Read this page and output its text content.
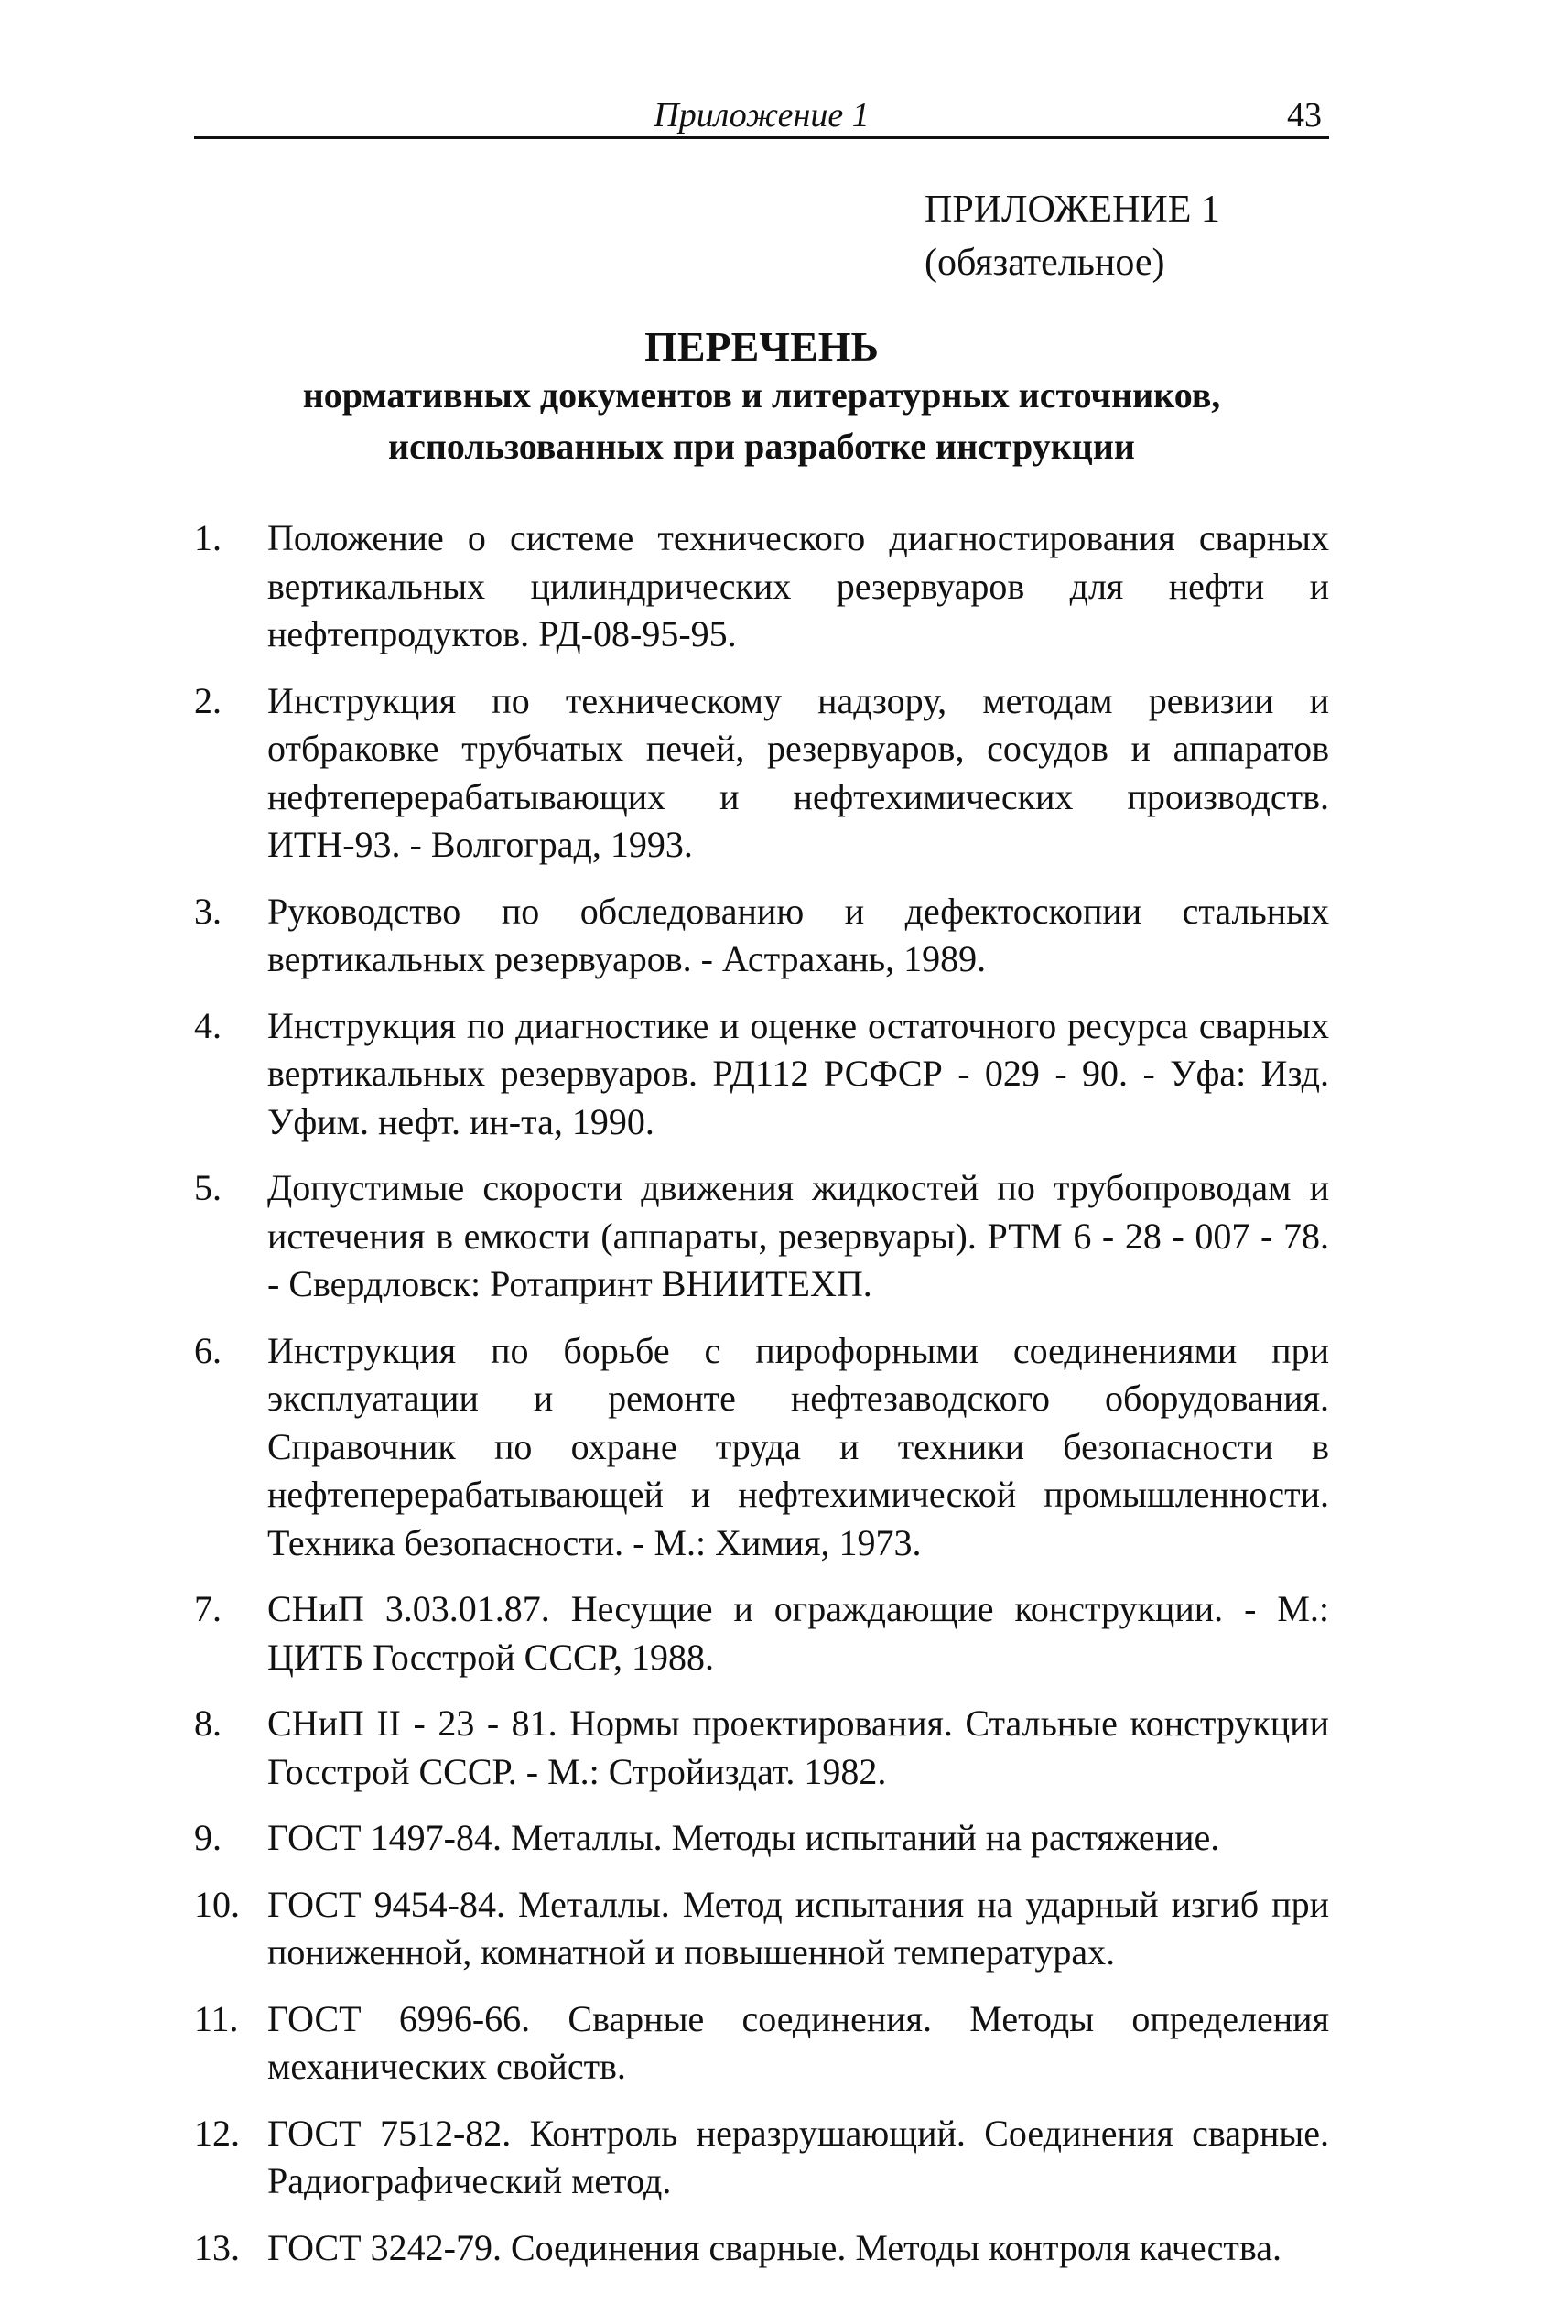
Приложение 1	43
ПРИЛОЖЕНИЕ 1
(обязательное)
ПЕРЕЧЕНЬ
нормативных документов и литературных источников,
использованных при разработке инструкции
1.	Положение о системе технического диагностирования сварных вертикальных цилиндрических резервуаров для нефти и нефтепродуктов. РД-08-95-95.
2.	Инструкция по техническому надзору, методам ревизии и отбраковке трубчатых печей, резервуаров, сосудов и аппаратов нефтеперерабатывающих и нефтехимических производств. ИТН-93. - Волгоград, 1993.
3.	Руководство по обследованию и дефектоскопии стальных вертикальных резервуаров. - Астрахань, 1989.
4.	Инструкция по диагностике и оценке остаточного ресурса сварных вертикальных резервуаров. РД112 РСФСР - 029 - 90. - Уфа: Изд. Уфим. нефт. ин-та, 1990.
5.	Допустимые скорости движения жидкостей по трубопроводам и истечения в емкости (аппараты, резервуары). РТМ 6 - 28 - 007 - 78. - Свердловск: Ротапринт ВНИИТЕХП.
6.	Инструкция по борьбе с пирофорными соединениями при эксплуатации и ремонте нефтезаводского оборудования. Справочник по охране труда и техники безопасности в нефтеперерабатывающей и нефтехимической промышленности. Техника безопасности. - М.: Химия, 1973.
7.	СНиП 3.03.01.87. Несущие и ограждающие конструкции. - М.: ЦИТБ Госстрой СССР, 1988.
8.	СНиП II - 23 - 81. Нормы проектирования. Стальные конструкции Госстрой СССР. - М.: Стройиздат. 1982.
9.	ГОСТ 1497-84. Металлы. Методы испытаний на растяжение.
10. ГОСТ 9454-84. Металлы. Метод испытания на ударный изгиб при пониженной, комнатной и повышенной температурах.
11. ГОСТ 6996-66. Сварные соединения. Методы определения механических свойств.
12. ГОСТ 7512-82. Контроль неразрушающий. Соединения сварные. Радиографический метод.
13. ГОСТ 3242-79. Соединения сварные. Методы контроля качества.
